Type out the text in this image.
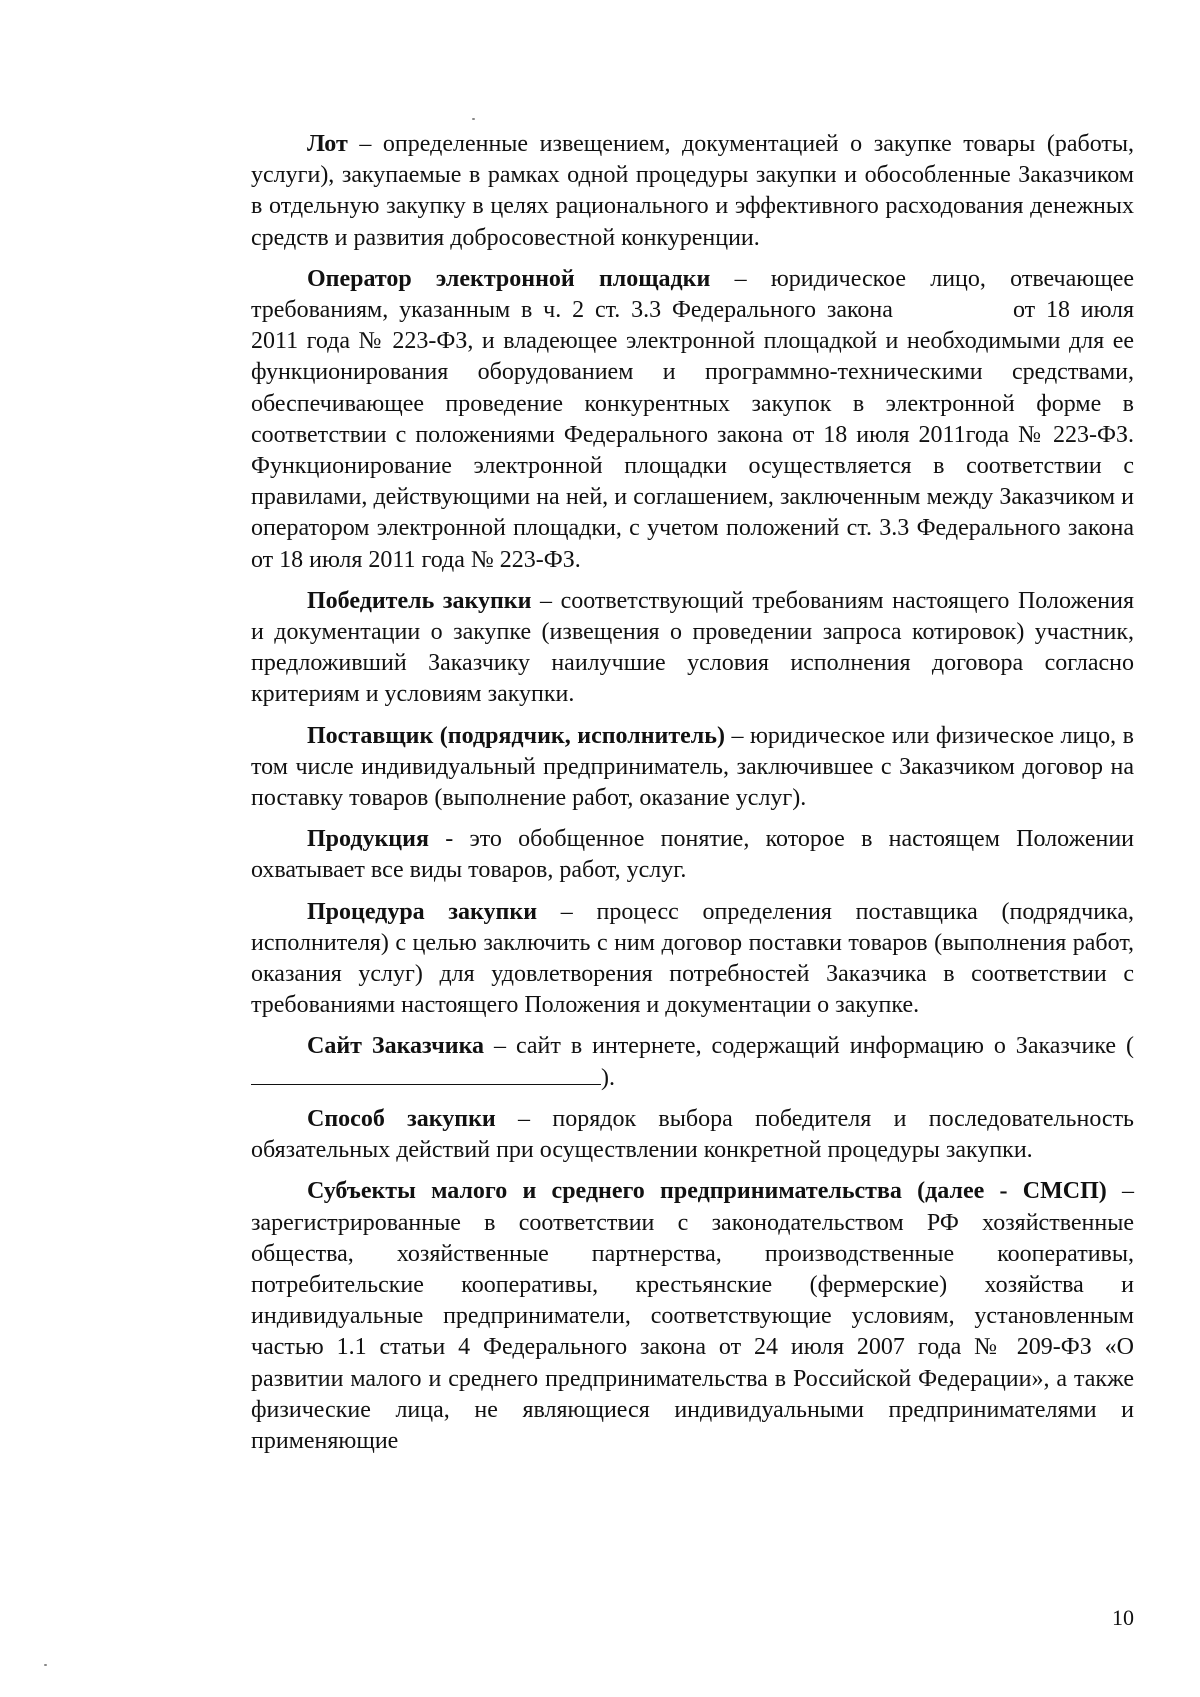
Лот – определенные извещением, документацией о закупке товары (работы, услуги), закупаемые в рамках одной процедуры закупки и обособленные Заказчиком в отдельную закупку в целях рационального и эффективного расходования денежных средств и развития добросовестной конкуренции.

Оператор электронной площадки – юридическое лицо, отвечающее требованиям, указанным в ч. 2 ст. 3.3 Федерального закона	от 18 июля 2011 года № 223-ФЗ, и владеющее электронной площадкой и необходимыми для ее функционирования оборудованием и программно-техническими средствами, обеспечивающее проведение конкурентных закупок в электронной форме в соответствии с положениями Федерального закона от 18 июля 2011года № 223-ФЗ. Функционирование электронной площадки осуществляется в соответствии с правилами, действующими на ней, и соглашением, заключенным между Заказчиком и оператором электронной площадки, с учетом положений ст. 3.3 Федерального закона от 18 июля 2011 года № 223-ФЗ.

Победитель закупки – соответствующий требованиям настоящего Положения и документации о закупке (извещения о проведении запроса котировок) участник, предложивший Заказчику наилучшие условия исполнения договора согласно критериям и условиям закупки.

Поставщик (подрядчик, исполнитель) – юридическое или физическое лицо, в том числе индивидуальный предприниматель, заключившее с Заказчиком договор на поставку товаров (выполнение работ, оказание услуг).

Продукция - это обобщенное понятие, которое в настоящем Положении охватывает все виды товаров, работ, услуг.

Процедура закупки – процесс определения поставщика (подрядчика, исполнителя) с целью заключить с ним договор поставки товаров (выполнения работ, оказания услуг) для удовлетворения потребностей Заказчика в соответствии с требованиями настоящего Положения и документации о закупке.

Сайт Заказчика – сайт в интернете, содержащий информацию о Заказчике ().

Способ закупки – порядок выбора победителя и последовательность обязательных действий при осуществлении конкретной процедуры закупки.

Субъекты малого и среднего предпринимательства (далее - СМСП) – зарегистрированные в соответствии с законодательством РФ хозяйственные общества, хозяйственные партнерства, производственные кооперативы, потребительские кооперативы, крестьянские (фермерские) хозяйства и индивидуальные предприниматели, соответствующие условиям, установленным частью 1.1 статьи 4 Федерального закона от 24 июля 2007 года № 209-ФЗ «О развитии малого и среднего предпринимательства в Российской Федерации», а также физические лица, не являющиеся индивидуальными предпринимателями и применяющие

10
